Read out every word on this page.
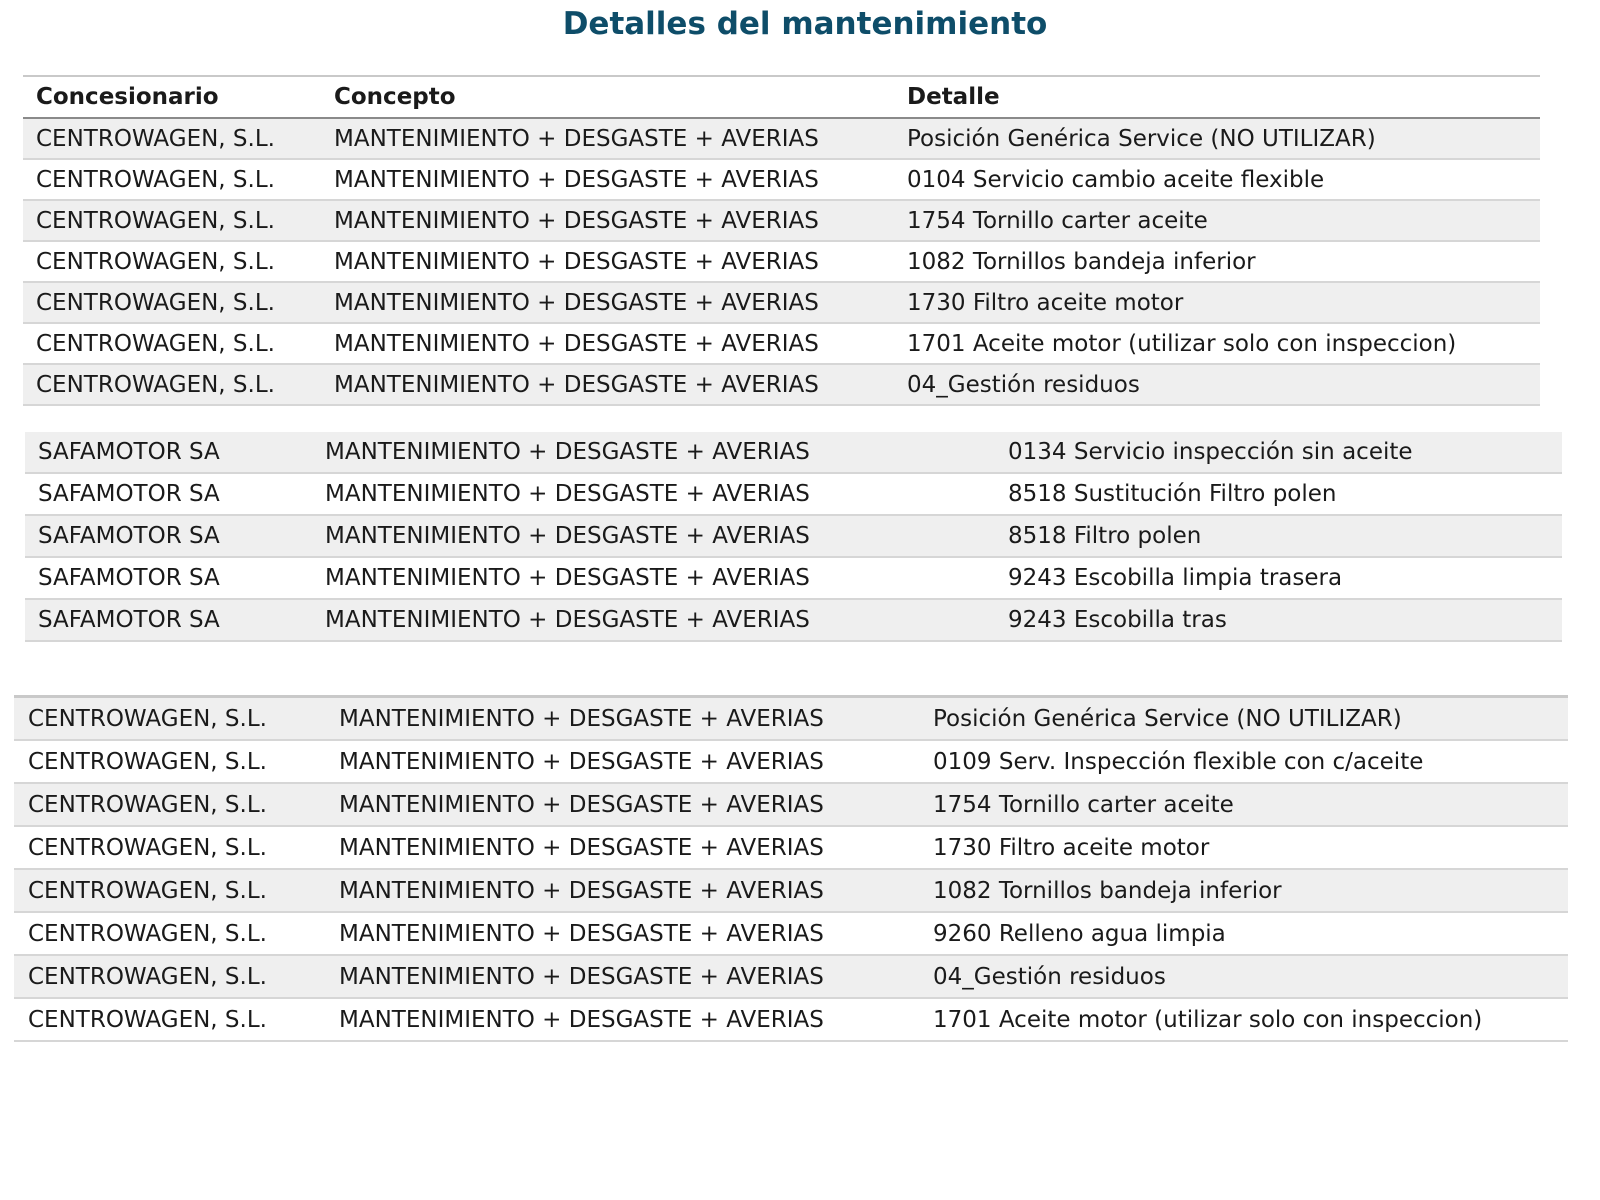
Detalles del mantenimiento
Concesionario	Concepto	Detalle
CENTROWAGEN, S.L.	MANTENIMIENTO + DESGASTE + AVERIAS	Posición Genérica Service (NO UTILIZAR)
CENTROWAGEN, S.L.	MANTENIMIENTO + DESGASTE + AVERIAS	0104 Servicio cambio aceite flexible
CENTROWAGEN, S.L.	MANTENIMIENTO + DESGASTE + AVERIAS	1754 Tornillo carter aceite
CENTROWAGEN, S.L.	MANTENIMIENTO + DESGASTE + AVERIAS	1082 Tornillos bandeja inferior
CENTROWAGEN, S.L.	MANTENIMIENTO + DESGASTE + AVERIAS	1730 Filtro aceite motor
CENTROWAGEN, S.L.	MANTENIMIENTO + DESGASTE + AVERIAS	1701 Aceite motor (utilizar solo con inspeccion)
CENTROWAGEN, S.L.	MANTENIMIENTO + DESGASTE + AVERIAS	04_Gestión residuos
SAFAMOTOR SA	MANTENIMIENTO + DESGASTE + AVERIAS	0134 Servicio inspección sin aceite
SAFAMOTOR SA	MANTENIMIENTO + DESGASTE + AVERIAS	8518 Sustitución Filtro polen
SAFAMOTOR SA	MANTENIMIENTO + DESGASTE + AVERIAS	8518 Filtro polen
SAFAMOTOR SA	MANTENIMIENTO + DESGASTE + AVERIAS	9243 Escobilla limpia trasera
SAFAMOTOR SA	MANTENIMIENTO + DESGASTE + AVERIAS	9243 Escobilla tras
CENTROWAGEN, S.L.	MANTENIMIENTO + DESGASTE + AVERIAS	Posición Genérica Service (NO UTILIZAR)
CENTROWAGEN, S.L.	MANTENIMIENTO + DESGASTE + AVERIAS	0109 Serv. Inspección flexible con c/aceite
CENTROWAGEN, S.L.	MANTENIMIENTO + DESGASTE + AVERIAS	1754 Tornillo carter aceite
CENTROWAGEN, S.L.	MANTENIMIENTO + DESGASTE + AVERIAS	1730 Filtro aceite motor
CENTROWAGEN, S.L.	MANTENIMIENTO + DESGASTE + AVERIAS	1082 Tornillos bandeja inferior
CENTROWAGEN, S.L.	MANTENIMIENTO + DESGASTE + AVERIAS	9260 Relleno agua limpia
CENTROWAGEN, S.L.	MANTENIMIENTO + DESGASTE + AVERIAS	04_Gestión residuos
CENTROWAGEN, S.L.	MANTENIMIENTO + DESGASTE + AVERIAS	1701 Aceite motor (utilizar solo con inspeccion)
